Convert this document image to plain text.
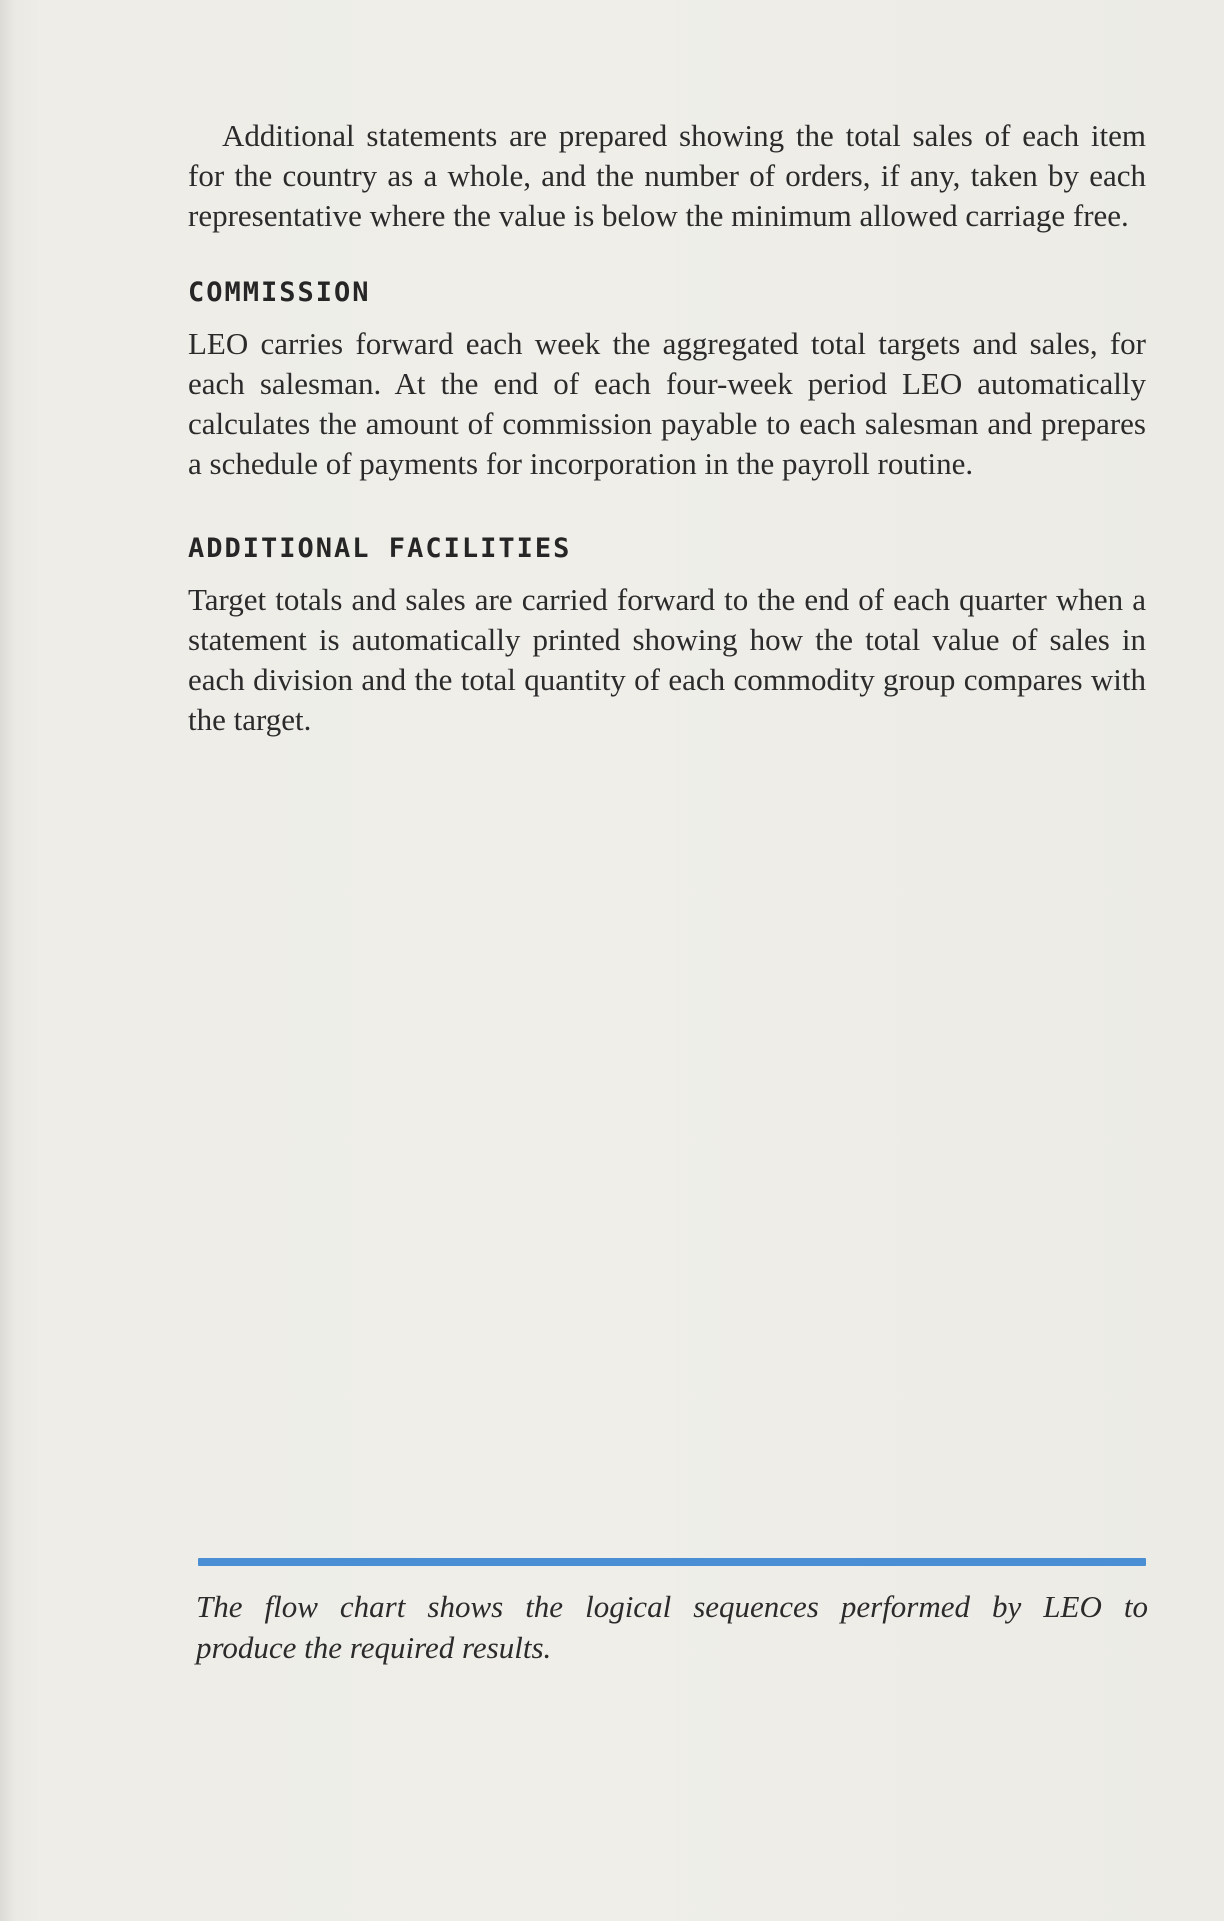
Additional statements are prepared showing the total sales of each item for the country as a whole, and the number of orders, if any, taken by each representative where the value is below the minimum allowed carriage free.

COMMISSION

LEO carries forward each week the aggregated total targets and sales, for each salesman. At the end of each four-week period LEO automatically calculates the amount of commission payable to each salesman and prepares a schedule of payments for incorporation in the payroll routine.

ADDITIONAL FACILITIES

Target totals and sales are carried forward to the end of each quarter when a statement is automatically printed showing how the total value of sales in each division and the total quantity of each commodity group compares with the target.

The flow chart shows the logical sequences performed by LEO to
produce the required results.
